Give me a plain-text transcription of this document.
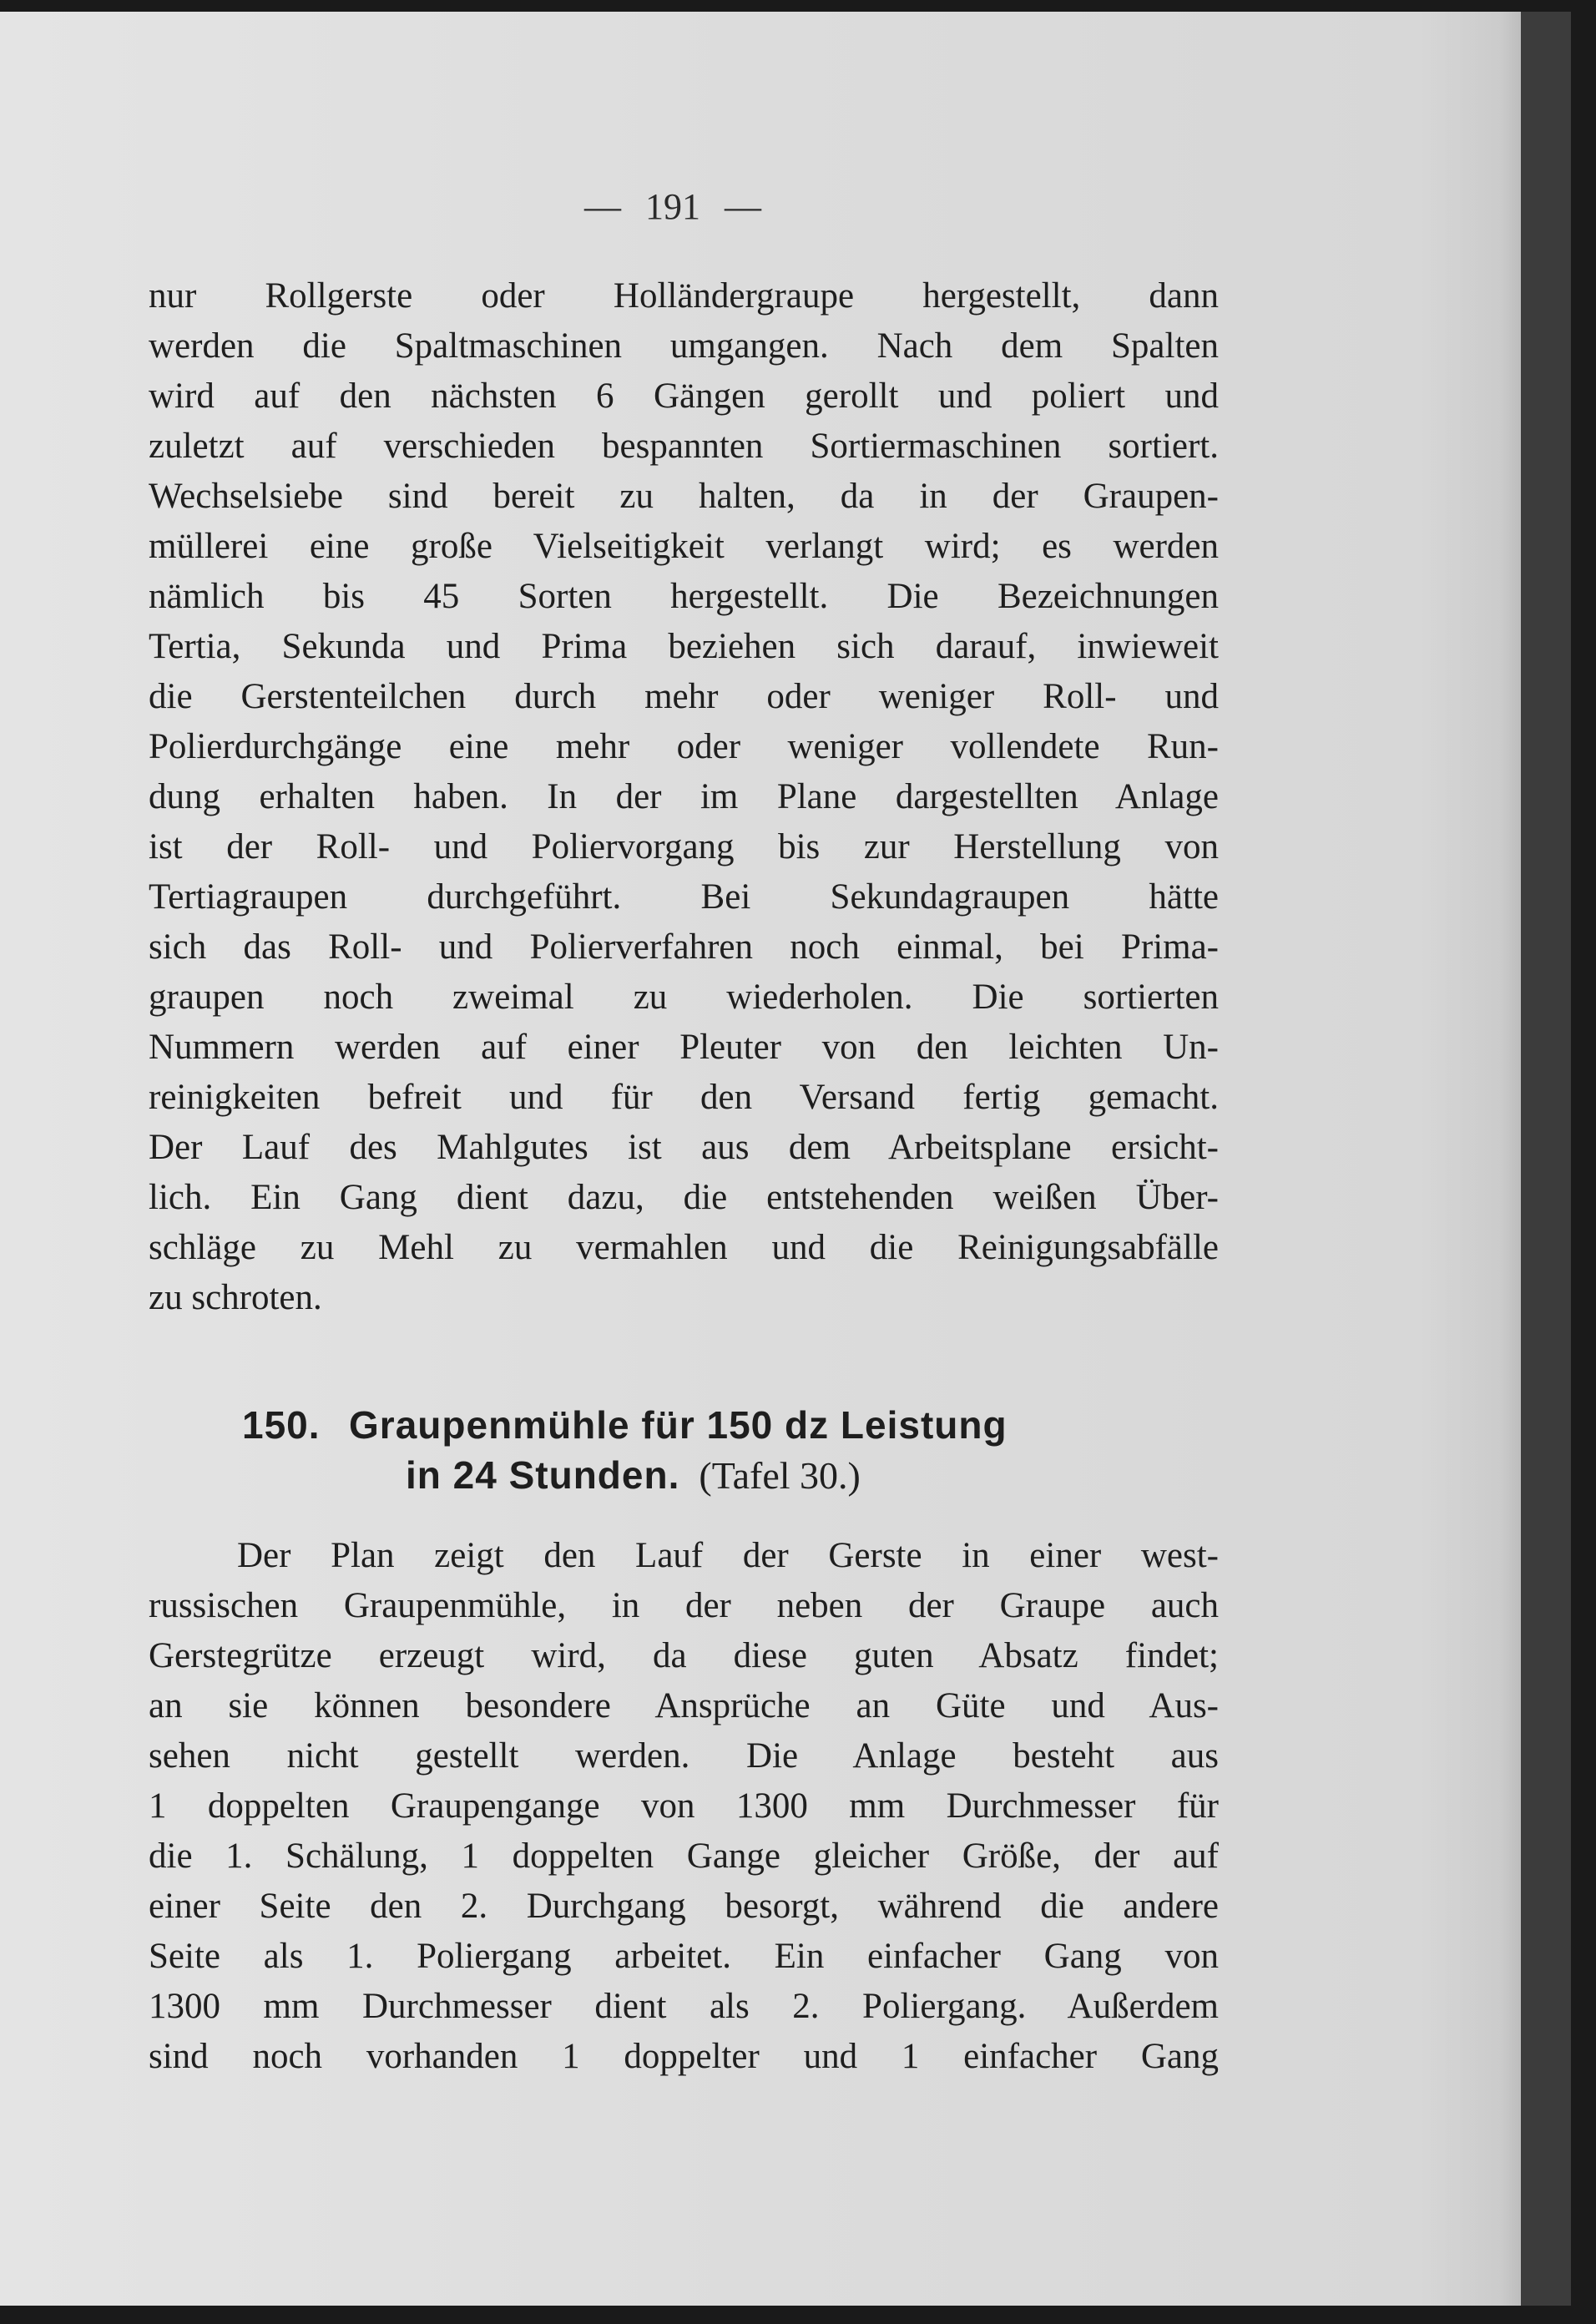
— 191 —
nur Rollgerste oder Holländergraupe hergestellt, dann
werden die Spaltmaschinen umgangen. Nach dem Spalten
wird auf den nächsten 6 Gängen gerollt und poliert und
zuletzt auf verschieden bespannten Sortiermaschinen sortiert.
Wechselsiebe sind bereit zu halten, da in der Graupen-
müllerei eine große Vielseitigkeit verlangt wird; es werden
nämlich bis 45 Sorten hergestellt. Die Bezeichnungen
Tertia, Sekunda und Prima beziehen sich darauf, inwieweit
die Gerstenteilchen durch mehr oder weniger Roll- und
Polierdurchgänge eine mehr oder weniger vollendete Run-
dung erhalten haben. In der im Plane dargestellten Anlage
ist der Roll- und Poliervorgang bis zur Herstellung von
Tertiagraupen durchgeführt. Bei Sekundagraupen hätte
sich das Roll- und Polierverfahren noch einmal, bei Prima-
graupen noch zweimal zu wiederholen. Die sortierten
Nummern werden auf einer Pleuter von den leichten Un-
reinigkeiten befreit und für den Versand fertig gemacht.
Der Lauf des Mahlgutes ist aus dem Arbeitsplane ersicht-
lich. Ein Gang dient dazu, die entstehenden weißen Über-
schläge zu Mehl zu vermahlen und die Reinigungsabfälle
zu schroten.
150. Graupenmühle für 150 dz Leistung
in 24 Stunden. (Tafel 30.)
Der Plan zeigt den Lauf der Gerste in einer west-
russischen Graupenmühle, in der neben der Graupe auch
Gerstegrütze erzeugt wird, da diese guten Absatz findet;
an sie können besondere Ansprüche an Güte und Aus-
sehen nicht gestellt werden. Die Anlage besteht aus
1 doppelten Graupengange von 1300 mm Durchmesser für
die 1. Schälung, 1 doppelten Gange gleicher Größe, der auf
einer Seite den 2. Durchgang besorgt, während die andere
Seite als 1. Poliergang arbeitet. Ein einfacher Gang von
1300 mm Durchmesser dient als 2. Poliergang. Außerdem
sind noch vorhanden 1 doppelter und 1 einfacher Gang
